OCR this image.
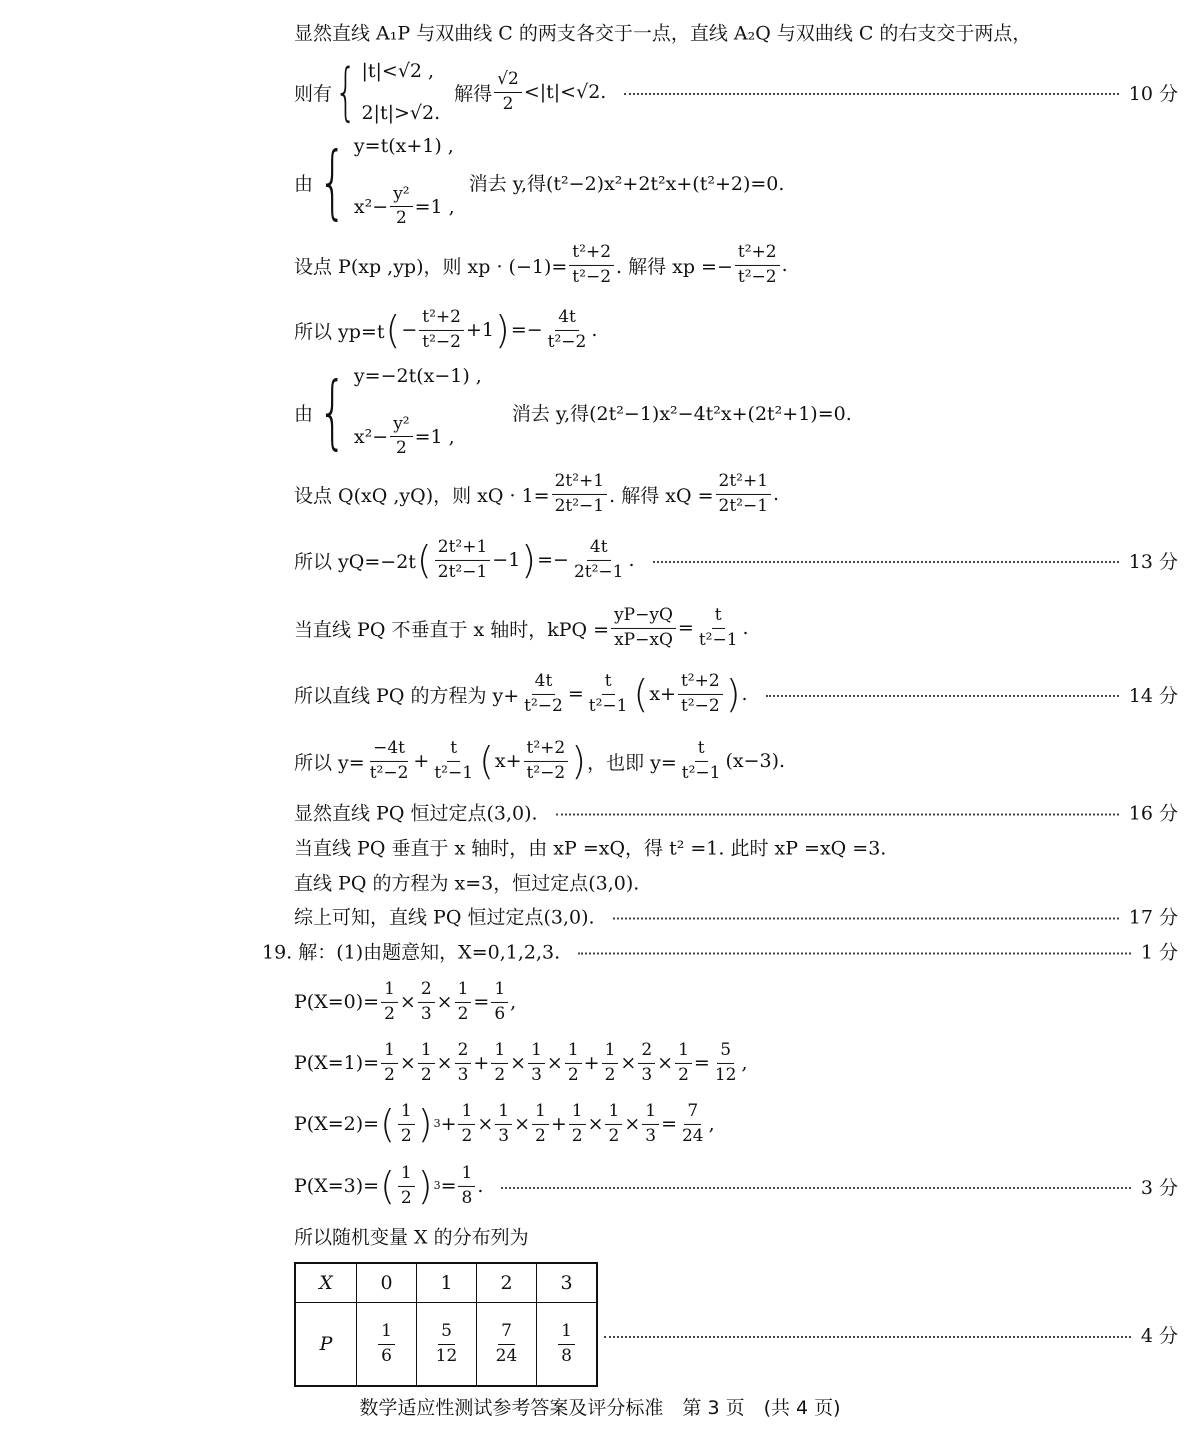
显然直线 A₁P 与双曲线 C 的两支各交于一点，直线 A₂Q 与双曲线 C 的右支交于两点，
则有 { |t|<√2 ,
2|t|>√2.
解得 $\frac{√2}{2} <|t|<√2$.	10 分
由 { y=t(x+1) ,
$x^2- \frac{\text{y²}}{2} =1$ ,
消去 y,得(t²−2)x²+2t²x+(t²+2)=0.
设点 P(xp ,yp)，则 xp · $(-1)= \frac{\text{t²+2}}{\text{t²−2}}$ . 解得 xp =− $\frac{\text{t²+2}}{\text{t²−2}}$ .
所以 yp=t ( − $\frac{\text{t²+2}}{\text{t²−2}} +1$ ) =− $\frac{4t}{\text{t²−2}}$ .
由 { y=−2t(x−1) ,
$x^2- \frac{\text{y²}}{2} =1$ ,
消去 y,得(2t²−1)x²−4t²x+(2t²+1)=0.
设点 Q(xQ ,yQ)，则 xQ · $1= \frac{\text{2t²+1}}{\text{2t²−1}}$ . 解得 xQ = $\frac{\text{2t²+1}}{\text{2t²−1}}$ .
所以 yQ=−2t ( $\frac{\text{2t²+1}}{\text{2t²−1}} -1$ ) =− $\frac{4t}{\text{2t²−1}}$ .	13 分
当直线 PQ 不垂直于 x 轴时，kPQ = $\frac{yP-yQ}{xP-xQ} = \frac{t}{\text{t²−1}}$ .
所以直线 PQ 的方程为 $y+ \frac{4t}{\text{t²−2}} = \frac{t}{\text{t²−1}}$ ( $x+ \frac{\text{t²+2}}{\text{t²−2}}$ ) .	14 分
所以 $y= \frac{-4t}{\text{t²−2}} + \frac{t}{\text{t²−1}}$ ( $x+ \frac{\text{t²+2}}{\text{t²−2}}$ ) ，也即 $y= \frac{t}{\text{t²−1}} (x-3)$.
显然直线 PQ 恒过定点(3,0).	16 分
当直线 PQ 垂直于 x 轴时，由 xP =xQ，得 t² =1. 此时 xP =xQ =3.
直线 PQ 的方程为 x=3，恒过定点(3,0).
综上可知，直线 PQ 恒过定点(3,0).	17 分
19. 解：(1)由题意知，X=0,1,2,3.	1 分
$P(X=0)= \frac{1}{2} \times \frac{2}{3} \times \frac{1}{2} = \frac{1}{6}$ ,
$P(X=1)= \frac{1}{2} \times \frac{1}{2} \times \frac{2}{3} + \frac{1}{2} \times \frac{1}{3} \times \frac{1}{2} + \frac{1}{2} \times \frac{2}{3} \times \frac{1}{2} = \frac{5}{12}$ ,
P(X=2)= ( $\frac{1}{2}$ ) $3 + \frac{1}{2} \times \frac{1}{3} \times \frac{1}{2} + \frac{1}{2} \times \frac{1}{2} \times \frac{1}{3} = \frac{7}{24}$ ,
P(X=3)= ( $\frac{1}{2}$ ) $3 = \frac{1}{8}$ .	3 分
所以随机变量 X 的分布列为
X	0	1	2	3
P	$\frac{1}{6}$	$\frac{5}{12}$	$\frac{7}{24}$	$\frac{1}{8}$	4 分
数学适应性测试参考答案及评分标准　第 3 页　(共 4 页)
